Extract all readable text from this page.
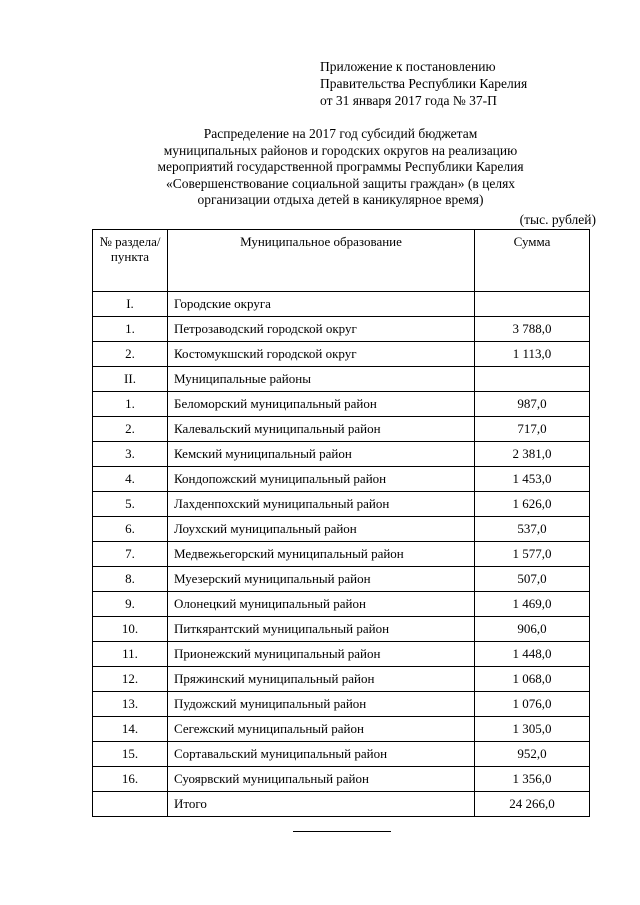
Приложение к постановлению
Правительства Республики Карелия
от 31 января 2017 года № 37-П
Распределение на 2017 год субсидий бюджетам
муниципальных районов и городских округов на реализацию
мероприятий государственной программы Республики Карелия
«Совершенствование социальной защиты граждан» (в целях
организации отдыха детей в каникулярное время)
(тыс. рублей)
№ раздела/ пункта	Муниципальное образование	Сумма
I.	Городские округа	
1.	Петрозаводский городской округ	3 788,0
2.	Костомукшский городской округ	1 113,0
II.	Муниципальные районы	
1.	Беломорский муниципальный район	987,0
2.	Калевальский муниципальный район	717,0
3.	Кемский муниципальный район	2 381,0
4.	Кондопожский муниципальный район	1 453,0
5.	Лахденпохский муниципальный район	1 626,0
6.	Лоухский муниципальный район	537,0
7.	Медвежьегорский муниципальный район	1 577,0
8.	Муезерский муниципальный район	507,0
9.	Олонецкий муниципальный район	1 469,0
10.	Питкярантский муниципальный район	906,0
11.	Прионежский муниципальный район	1 448,0
12.	Пряжинский муниципальный район	1 068,0
13.	Пудожский муниципальный район	1 076,0
14.	Сегежский муниципальный район	1 305,0
15.	Сортавальский муниципальный район	952,0
16.	Суоярвский муниципальный район	1 356,0
	Итого	24 266,0
